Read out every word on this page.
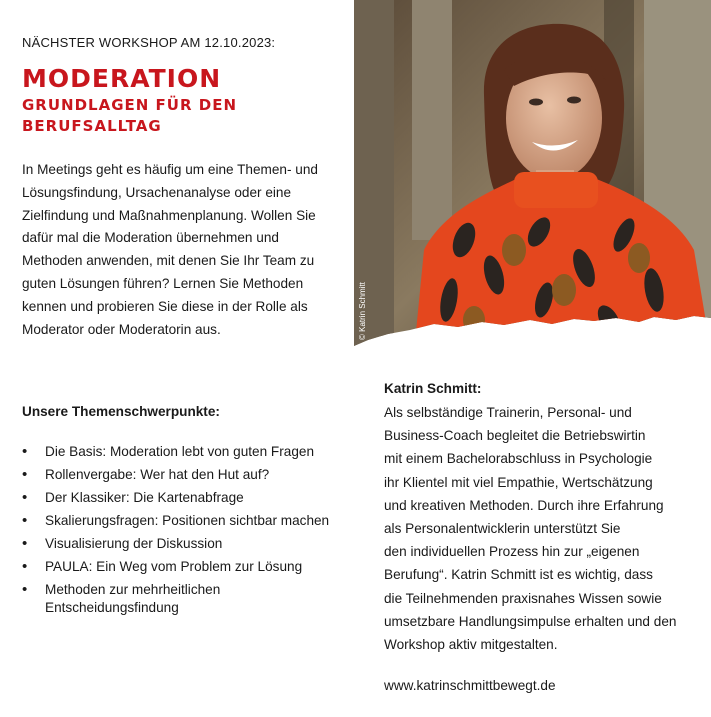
NÄCHSTER WORKSHOP AM 12.10.2023:
MODERATION
GRUNDLAGEN FÜR DEN BERUFSALLTAG

In Meetings geht es häufig um eine Themen- und Lösungsfindung, Ursachenanalyse oder eine Zielfindung und Maßnahmenplanung. Wollen Sie dafür mal die Moderation übernehmen und Methoden anwenden, mit denen Sie Ihr Team zu guten Lösungen führen? Lernen Sie Methoden kennen und probieren Sie diese in der Rolle als Moderator oder Moderatorin aus.

Unsere Themenschwerpunkte:
• Die Basis: Moderation lebt von guten Fragen
• Rollenvergabe: Wer hat den Hut auf?
• Der Klassiker: Die Kartenabfrage
• Skalierungsfragen: Positionen sichtbar machen
• Visualisierung der Diskussion
• PAULA: Ein Weg vom Problem zur Lösung
• Methoden zur mehrheitlichen Entscheidungsfindung
© Katrin Schmitt
Katrin Schmitt:
Als selbständige Trainerin, Personal- und
Business-Coach begleitet die Betriebswirtin
mit einem Bachelorabschluss in Psychologie
ihr Klientel mit viel Empathie, Wertschätzung
und kreativen Methoden. Durch ihre Erfahrung
als Personalentwicklerin unterstützt Sie
den individuellen Prozess hin zur „eigenen
Berufung“. Katrin Schmitt ist es wichtig, dass
die Teilnehmenden praxisnahes Wissen sowie
umsetzbare Handlungsimpulse erhalten und den
Workshop aktiv mitgestalten.
www.katrinschmittbewegt.de
